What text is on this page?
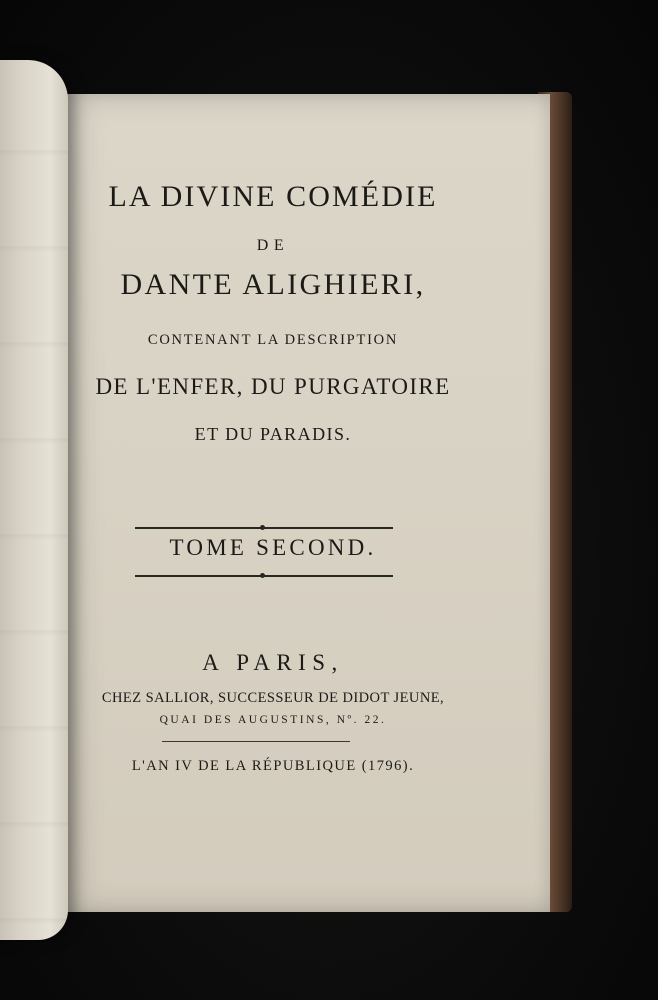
LA DIVINE COMÉDIE
DE
DANTE ALIGHIERI,
CONTENANT LA DESCRIPTION
DE L'ENFER, DU PURGATOIRE
ET DU PARADIS.
TOME SECOND.
A PARIS,
CHEZ SALLIOR, SUCCESSEUR DE DIDOT JEUNE,
QUAI DES AUGUSTINS, Nº. 22.
L'AN IV DE LA RÉPUBLIQUE (1796).
